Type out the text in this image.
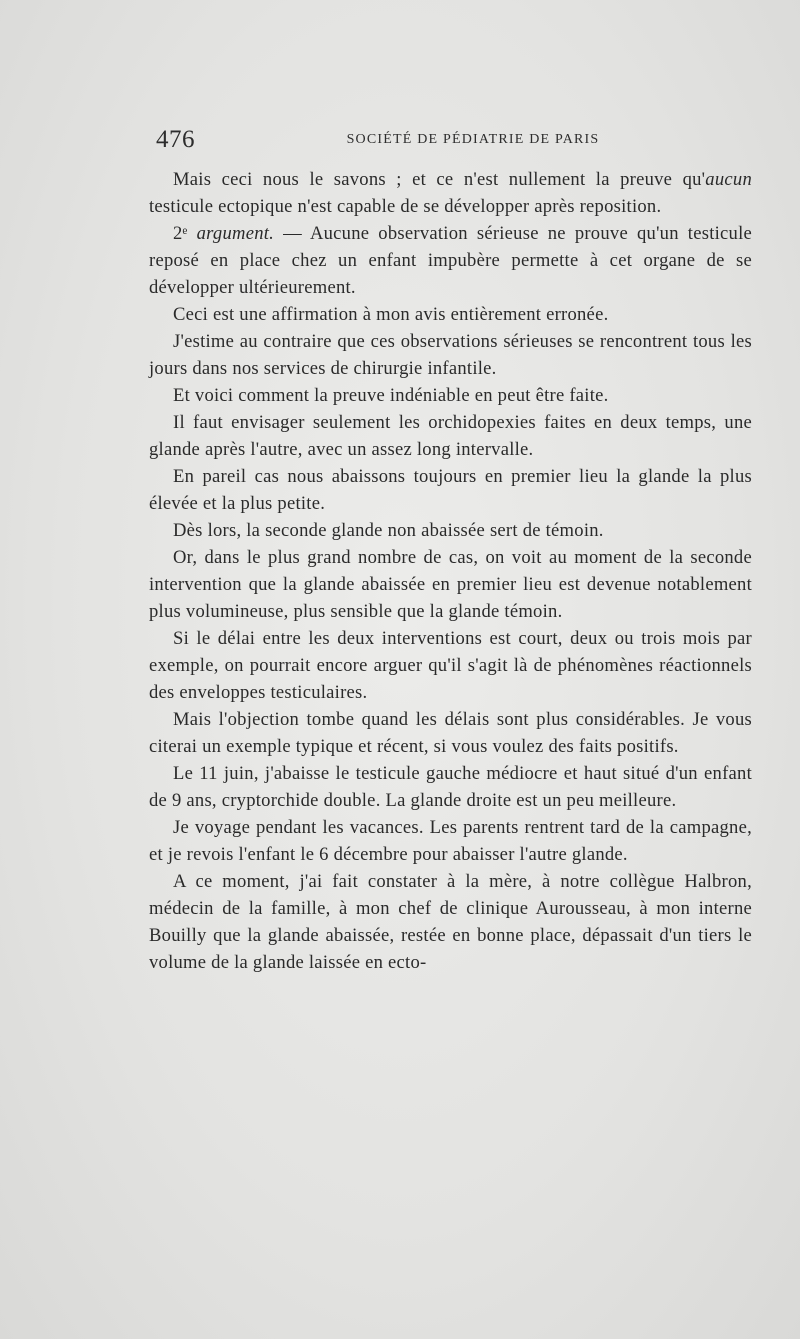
476	SOCIÉTÉ DE PÉDIATRIE DE PARIS

Mais ceci nous le savons ; et ce n'est nullement la preuve qu'aucun testicule ectopique n'est capable de se développer après reposition.

2ᵉ argument. — Aucune observation sérieuse ne prouve qu'un testicule reposé en place chez un enfant impubère permette à cet organe de se développer ultérieurement.

Ceci est une affirmation à mon avis entièrement erronée.

J'estime au contraire que ces observations sérieuses se rencontrent tous les jours dans nos services de chirurgie infantile.

Et voici comment la preuve indéniable en peut être faite.

Il faut envisager seulement les orchidopexies faites en deux temps, une glande après l'autre, avec un assez long intervalle.

En pareil cas nous abaissons toujours en premier lieu la glande la plus élevée et la plus petite.

Dès lors, la seconde glande non abaissée sert de témoin.

Or, dans le plus grand nombre de cas, on voit au moment de la seconde intervention que la glande abaissée en premier lieu est devenue notablement plus volumineuse, plus sensible que la glande témoin.

Si le délai entre les deux interventions est court, deux ou trois mois par exemple, on pourrait encore arguer qu'il s'agit là de phénomènes réactionnels des enveloppes testiculaires.

Mais l'objection tombe quand les délais sont plus considérables. Je vous citerai un exemple typique et récent, si vous voulez des faits positifs.

Le 11 juin, j'abaisse le testicule gauche médiocre et haut situé d'un enfant de 9 ans, cryptorchide double. La glande droite est un peu meilleure.

Je voyage pendant les vacances. Les parents rentrent tard de la campagne, et je revois l'enfant le 6 décembre pour abaisser l'autre glande.

A ce moment, j'ai fait constater à la mère, à notre collègue Halbron, médecin de la famille, à mon chef de clinique Aurousseau, à mon interne Bouilly que la glande abaissée, restée en bonne place, dépassait d'un tiers le volume de la glande laissée en ecto-
